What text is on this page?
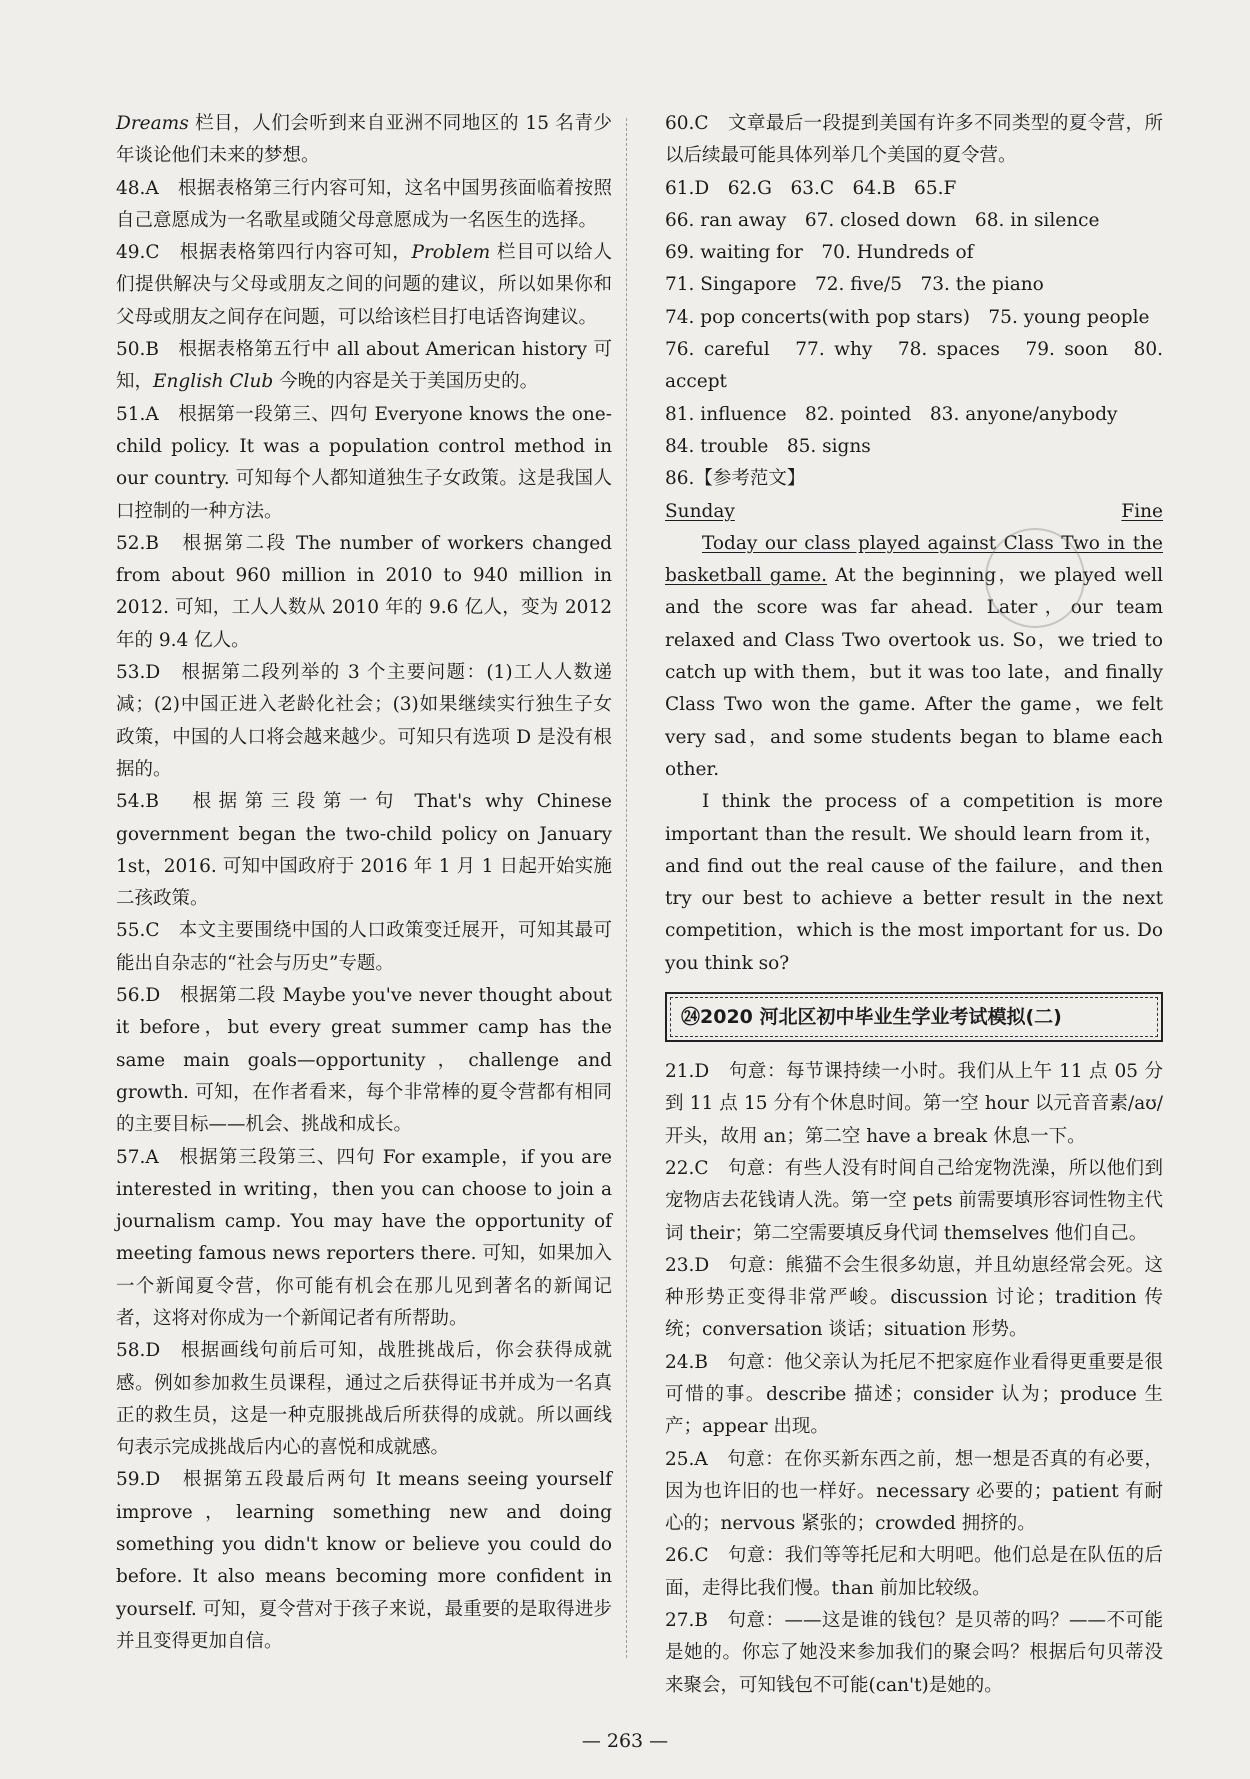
Dreams 栏目，人们会听到来自亚洲不同地区的 15 名青少年谈论他们未来的梦想。
48.A　根据表格第三行内容可知，这名中国男孩面临着按照自己意愿成为一名歌星或随父母意愿成为一名医生的选择。
49.C　根据表格第四行内容可知，Problem 栏目可以给人们提供解决与父母或朋友之间的问题的建议，所以如果你和父母或朋友之间存在问题，可以给该栏目打电话咨询建议。
50.B　根据表格第五行中 all about American history 可知，English Club 今晚的内容是关于美国历史的。
51.A　根据第一段第三、四句 Everyone knows the one-child policy. It was a population control method in our country. 可知每个人都知道独生子女政策。这是我国人口控制的一种方法。
52.B　根据第二段 The number of workers changed from about 960 million in 2010 to 940 million in 2012. 可知，工人人数从 2010 年的 9.6 亿人，变为 2012 年的 9.4 亿人。
53.D　根据第二段列举的 3 个主要问题：(1)工人人数递减；(2)中国正进入老龄化社会；(3)如果继续实行独生子女政策，中国的人口将会越来越少。可知只有选项 D 是没有根据的。
54.B　根据第三段第一句 That's why Chinese government began the two-child policy on January 1st，2016. 可知中国政府于 2016 年 1 月 1 日起开始实施二孩政策。
55.C　本文主要围绕中国的人口政策变迁展开，可知其最可能出自杂志的“社会与历史”专题。
56.D　根据第二段 Maybe you've never thought about it before，but every great summer camp has the same main goals—opportunity，challenge and growth. 可知，在作者看来，每个非常棒的夏令营都有相同的主要目标——机会、挑战和成长。
57.A　根据第三段第三、四句 For example，if you are interested in writing，then you can choose to join a journalism camp. You may have the opportunity of meeting famous news reporters there. 可知，如果加入一个新闻夏令营，你可能有机会在那儿见到著名的新闻记者，这将对你成为一个新闻记者有所帮助。
58.D　根据画线句前后可知，战胜挑战后，你会获得成就感。例如参加救生员课程，通过之后获得证书并成为一名真正的救生员，这是一种克服挑战后所获得的成就。所以画线句表示完成挑战后内心的喜悦和成就感。
59.D　根据第五段最后两句 It means seeing yourself improve，learning something new and doing something you didn't know or believe you could do before. It also means becoming more confident in yourself. 可知，夏令营对于孩子来说，最重要的是取得进步并且变得更加自信。
60.C　文章最后一段提到美国有许多不同类型的夏令营，所以后续最可能具体列举几个美国的夏令营。
61.D　62.G　63.C　64.B　65.F
66. ran away　67. closed down　68. in silence
69. waiting for　70. Hundreds of
71. Singapore　72. five/5　73. the piano
74. pop concerts(with pop stars)　75. young people
76. careful　77. why　78. spaces　79. soon　80. accept
81. influence　82. pointed　83. anyone/anybody
84. trouble　85. signs
86.【参考范文】
Sunday	Fine
Today our class played against Class Two in the basketball game. At the beginning，we played well and the score was far ahead. Later，our team relaxed and Class Two overtook us. So，we tried to catch up with them，but it was too late，and finally Class Two won the game. After the game，we felt very sad，and some students began to blame each other.
I think the process of a competition is more important than the result. We should learn from it，and find out the real cause of the failure，and then try our best to achieve a better result in the next competition，which is the most important for us. Do you think so?
㉔2020 河北区初中毕业生学业考试模拟(二)
21.D　句意：每节课持续一小时。我们从上午 11 点 05 分到 11 点 15 分有个休息时间。第一空 hour 以元音音素/aʊ/开头，故用 an；第二空 have a break 休息一下。
22.C　句意：有些人没有时间自己给宠物洗澡，所以他们到宠物店去花钱请人洗。第一空 pets 前需要填形容词性物主代词 their；第二空需要填反身代词 themselves 他们自己。
23.D　句意：熊猫不会生很多幼崽，并且幼崽经常会死。这种形势正变得非常严峻。discussion 讨论；tradition 传统；conversation 谈话；situation 形势。
24.B　句意：他父亲认为托尼不把家庭作业看得更重要是很可惜的事。describe 描述；consider 认为；produce 生产；appear 出现。
25.A　句意：在你买新东西之前，想一想是否真的有必要，因为也许旧的也一样好。necessary 必要的；patient 有耐心的；nervous 紧张的；crowded 拥挤的。
26.C　句意：我们等等托尼和大明吧。他们总是在队伍的后面，走得比我们慢。than 前加比较级。
27.B　句意：——这是谁的钱包？是贝蒂的吗？——不可能是她的。你忘了她没来参加我们的聚会吗？根据后句贝蒂没来聚会，可知钱包不可能(can't)是她的。
— 263 —
